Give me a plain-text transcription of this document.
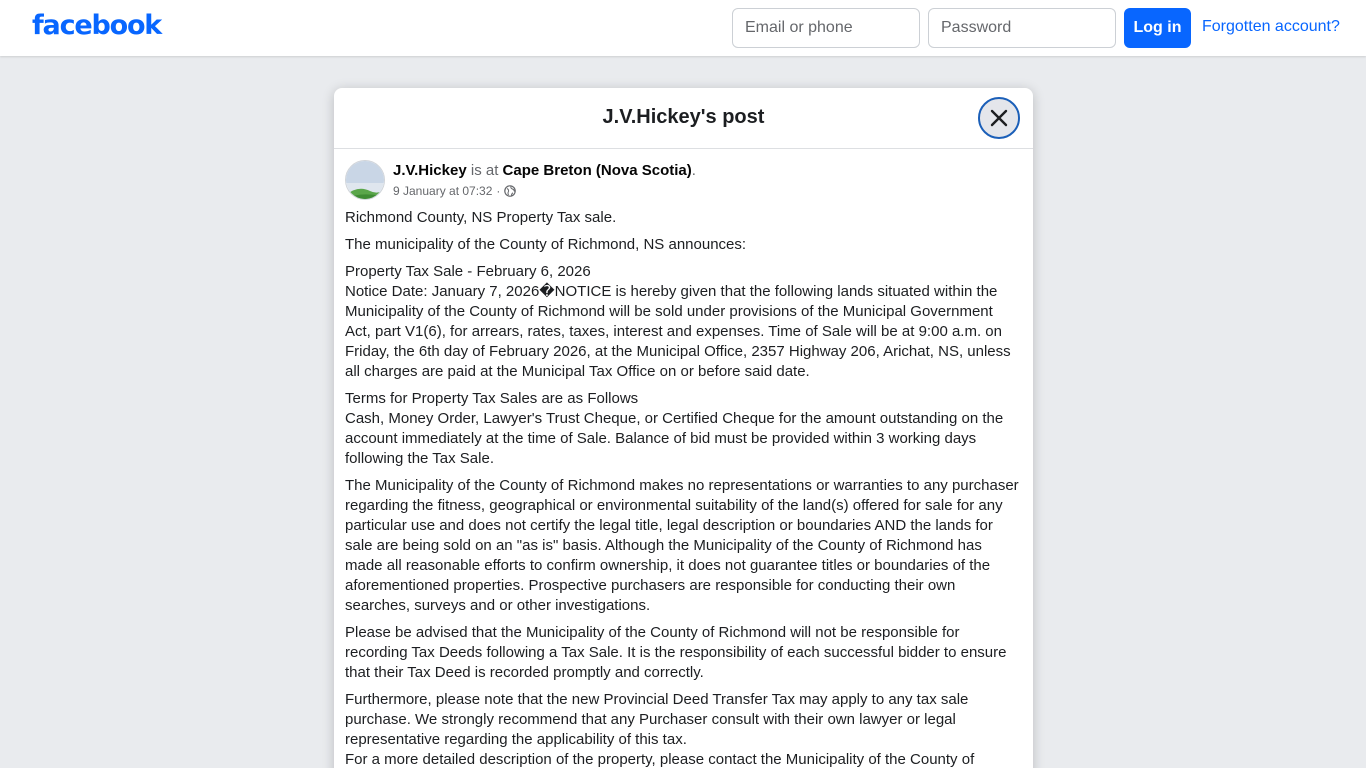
facebook
Email or phone	Log in	Forgotten account?
J.V.Hickey's post
J.V.Hickey is at Cape Breton (Nova Scotia).
9 January at 07:32 ·

Richmond County, NS Property Tax sale.

The municipality of the County of Richmond, NS announces:

Property Tax Sale - February 6, 2026

Notice Date: January 7, 2026�NOTICE is hereby given that the following lands situated within the Municipality of the County of Richmond will be sold under provisions of the Municipal Government Act, part V1(6), for arrears, rates, taxes, interest and expenses. Time of Sale will be at 9:00 a.m. on Friday, the 6th day of February 2026, at the Municipal Office, 2357 Highway 206, Arichat, NS, unless all charges are paid at the Municipal Tax Office on or before said date.

Terms for Property Tax Sales are as Follows

Cash, Money Order, Lawyer's Trust Cheque, or Certified Cheque for the amount outstanding on the account immediately at the time of Sale. Balance of bid must be provided within 3 working days following the Tax Sale.

The Municipality of the County of Richmond makes no representations or warranties to any purchaser regarding the fitness, geographical or environmental suitability of the land(s) offered for sale for any particular use and does not certify the legal title, legal description or boundaries AND the lands for sale are being sold on an "as is" basis. Although the Municipality of the County of Richmond has made all reasonable efforts to confirm ownership, it does not guarantee titles or boundaries of the aforementioned properties. Prospective purchasers are responsible for conducting their own searches, surveys and or other investigations.

Please be advised that the Municipality of the County of Richmond will not be responsible for recording Tax Deeds following a Tax Sale. It is the responsibility of each successful bidder to ensure that their Tax Deed is recorded promptly and correctly.

Furthermore, please note that the new Provincial Deed Transfer Tax may apply to any tax sale purchase. We strongly recommend that any Purchaser consult with their own lawyer or legal representative regarding the applicability of this tax.

For a more detailed description of the property, please contact the Municipality of the County of
